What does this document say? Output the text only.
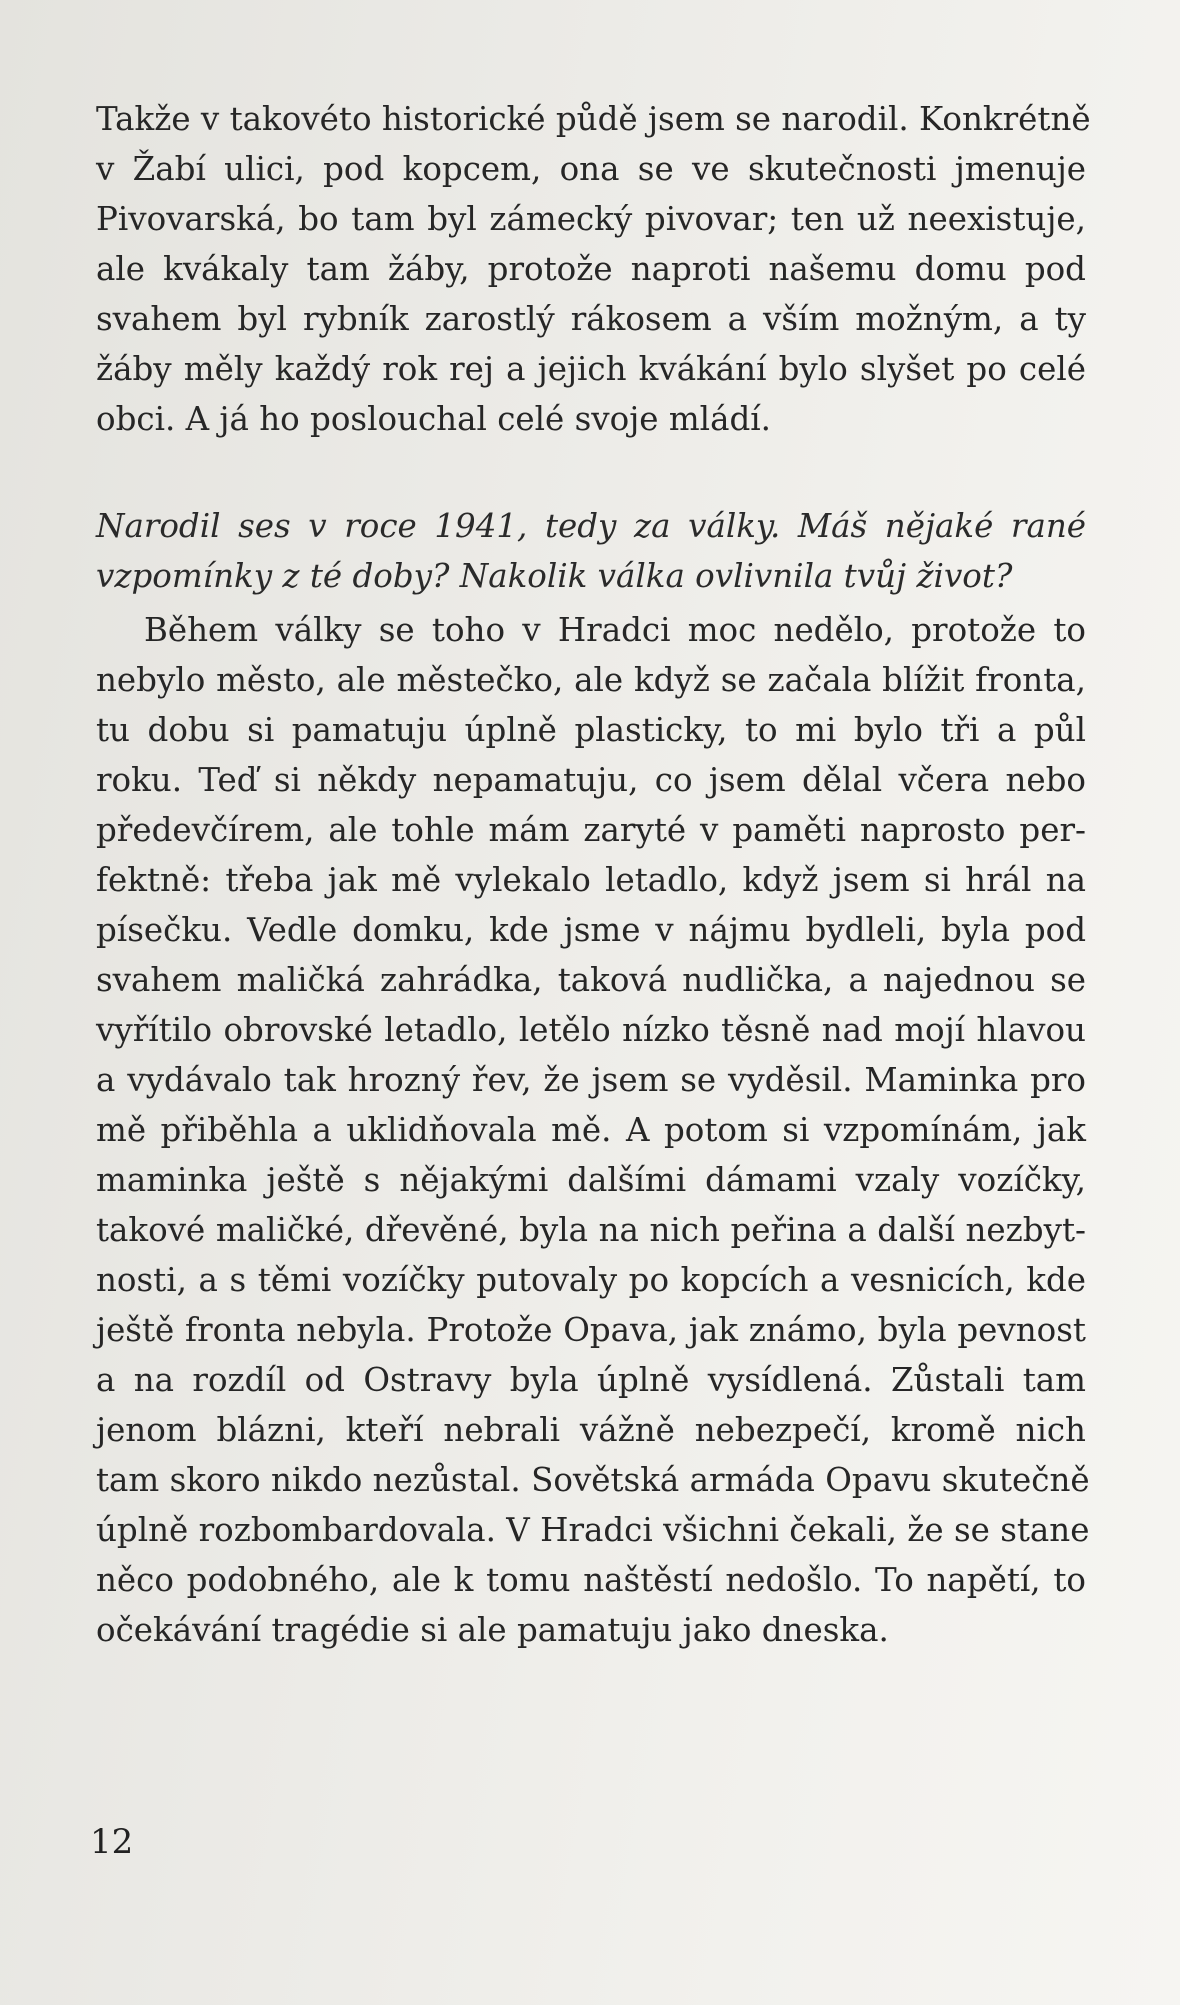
Takže v takovéto historické půdě jsem se narodil. Konkrétně
v Žabí ulici, pod kopcem, ona se ve skutečnosti jmenuje
Pivovarská, bo tam byl zámecký pivovar; ten už neexistuje,
ale kvákaly tam žáby, protože naproti našemu domu pod
svahem byl rybník zarostlý rákosem a vším možným, a ty
žáby měly každý rok rej a jejich kvákání bylo slyšet po celé
obci. A já ho poslouchal celé svoje mládí.
Narodil ses v roce 1941, tedy za války. Máš nějaké rané
vzpomínky z té doby? Nakolik válka ovlivnila tvůj život?
Během války se toho v Hradci moc nedělo, protože to
nebylo město, ale městečko, ale když se začala blížit fronta,
tu dobu si pamatuju úplně plasticky, to mi bylo tři a půl
roku. Teď si někdy nepamatuju, co jsem dělal včera nebo
předevčírem, ale tohle mám zaryté v paměti naprosto per-
fektně: třeba jak mě vylekalo letadlo, když jsem si hrál na
písečku. Vedle domku, kde jsme v nájmu bydleli, byla pod
svahem maličká zahrádka, taková nudlička, a najednou se
vyřítilo obrovské letadlo, letělo nízko těsně nad mojí hlavou
a vydávalo tak hrozný řev, že jsem se vyděsil. Maminka pro
mě přiběhla a uklidňovala mě. A potom si vzpomínám, jak
maminka ještě s nějakými dalšími dámami vzaly vozíčky,
takové maličké, dřevěné, byla na nich peřina a další nezbyt-
nosti, a s těmi vozíčky putovaly po kopcích a vesnicích, kde
ještě fronta nebyla. Protože Opava, jak známo, byla pevnost
a na rozdíl od Ostravy byla úplně vysídlená. Zůstali tam
jenom blázni, kteří nebrali vážně nebezpečí, kromě nich
tam skoro nikdo nezůstal. Sovětská armáda Opavu skutečně
úplně rozbombardovala. V Hradci všichni čekali, že se stane
něco podobného, ale k tomu naštěstí nedošlo. To napětí, to
očekávání tragédie si ale pamatuju jako dneska.
12
